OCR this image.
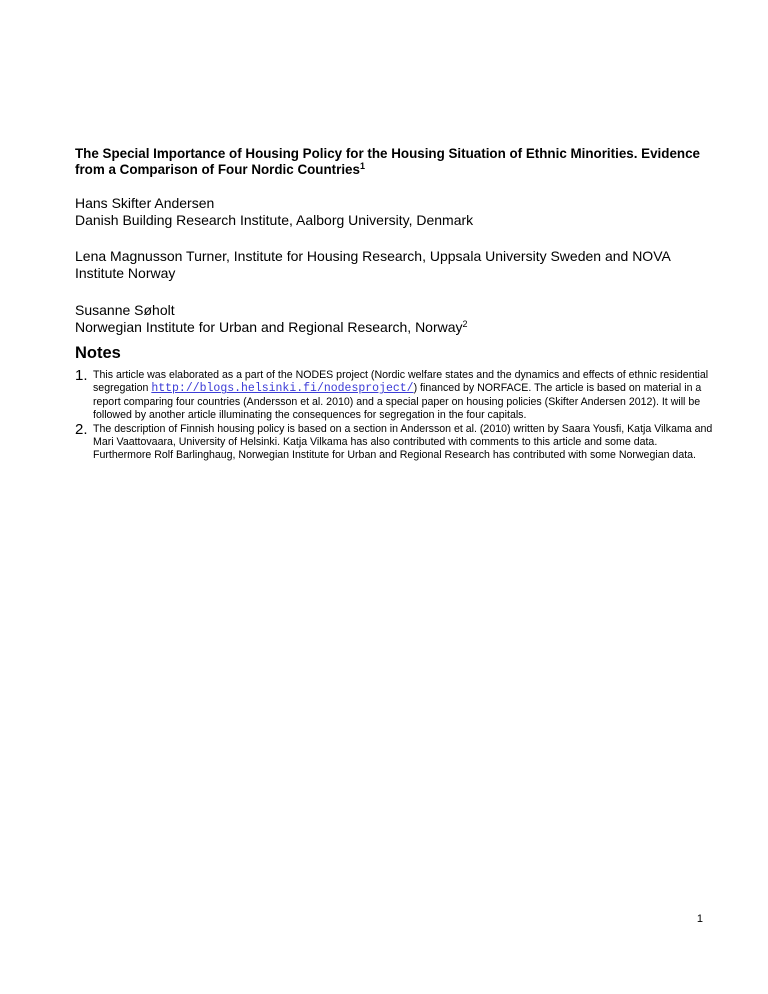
The Special Importance of Housing Policy for the Housing Situation of Ethnic Minorities. Evidence from a Comparison of Four Nordic Countries$^1$
Hans Skifter Andersen
Danish Building Research Institute, Aalborg University, Denmark
Lena Magnusson Turner, Institute for Housing Research, Uppsala University Sweden and NOVA Institute Norway
Susanne Søholt
Norwegian Institute for Urban and Regional Research, Norway$^2$
Notes
1. This article was elaborated as a part of the NODES project (Nordic welfare states and the dynamics and effects of ethnic residential segregation http://blogs.helsinki.fi/nodesproject/) financed by NORFACE. The article is based on material in a report comparing four countries (Andersson et al. 2010) and a special paper on housing policies (Skifter Andersen 2012). It will be followed by another article illuminating the consequences for segregation in the four capitals.
2. The description of Finnish housing policy is based on a section in Andersson et al. (2010) written by Saara Yousfi, Katja Vilkama and Mari Vaattovaara, University of Helsinki. Katja Vilkama has also contributed with comments to this article and some data. Furthermore Rolf Barlinghaug, Norwegian Institute for Urban and Regional Research has contributed with some Norwegian data.
1
